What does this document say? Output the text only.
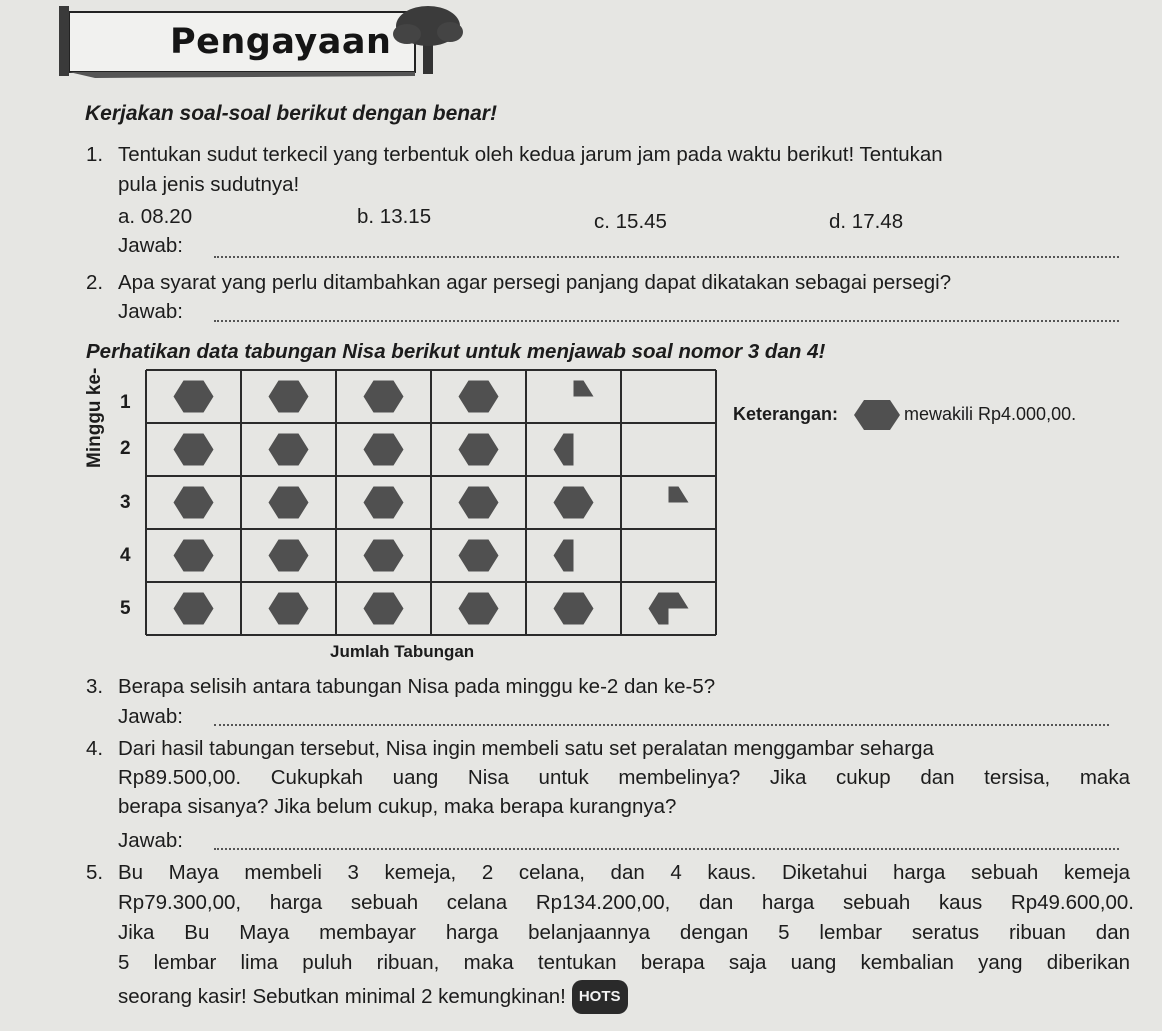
Pengayaan
Kerjakan soal-soal berikut dengan benar!
1. Tentukan sudut terkecil yang terbentuk oleh kedua jarum jam pada waktu berikut! Tentukan
pula jenis sudutnya!
a. 08.20	b. 13.15	c. 15.45	d. 17.48
Jawab:
2. Apa syarat yang perlu ditambahkan agar persegi panjang dapat dikatakan sebagai persegi?
Jawab:
Perhatikan data tabungan Nisa berikut untuk menjawab soal nomor 3 dan 4!
Minggu ke- 1
2
3
4
5
Jumlah Tabungan
Keterangan:	mewakili Rp4.000,00.
3. Berapa selisih antara tabungan Nisa pada minggu ke-2 dan ke-5?
Jawab:
4. Dari hasil tabungan tersebut, Nisa ingin membeli satu set peralatan menggambar seharga
Rp89.500,00. Cukupkah uang Nisa untuk membelinya? Jika cukup dan tersisa, maka
berapa sisanya? Jika belum cukup, maka berapa kurangnya?
Jawab:
5. Bu Maya membeli 3 kemeja, 2 celana, dan 4 kaus. Diketahui harga sebuah kemeja
Rp79.300,00, harga sebuah celana Rp134.200,00, dan harga sebuah kaus Rp49.600,00.
Jika Bu Maya membayar harga belanjaannya dengan 5 lembar seratus ribuan dan
5 lembar lima puluh ribuan, maka tentukan berapa saja uang kembalian yang diberikan
seorang kasir! Sebutkan minimal 2 kemungkinan! HOTS
